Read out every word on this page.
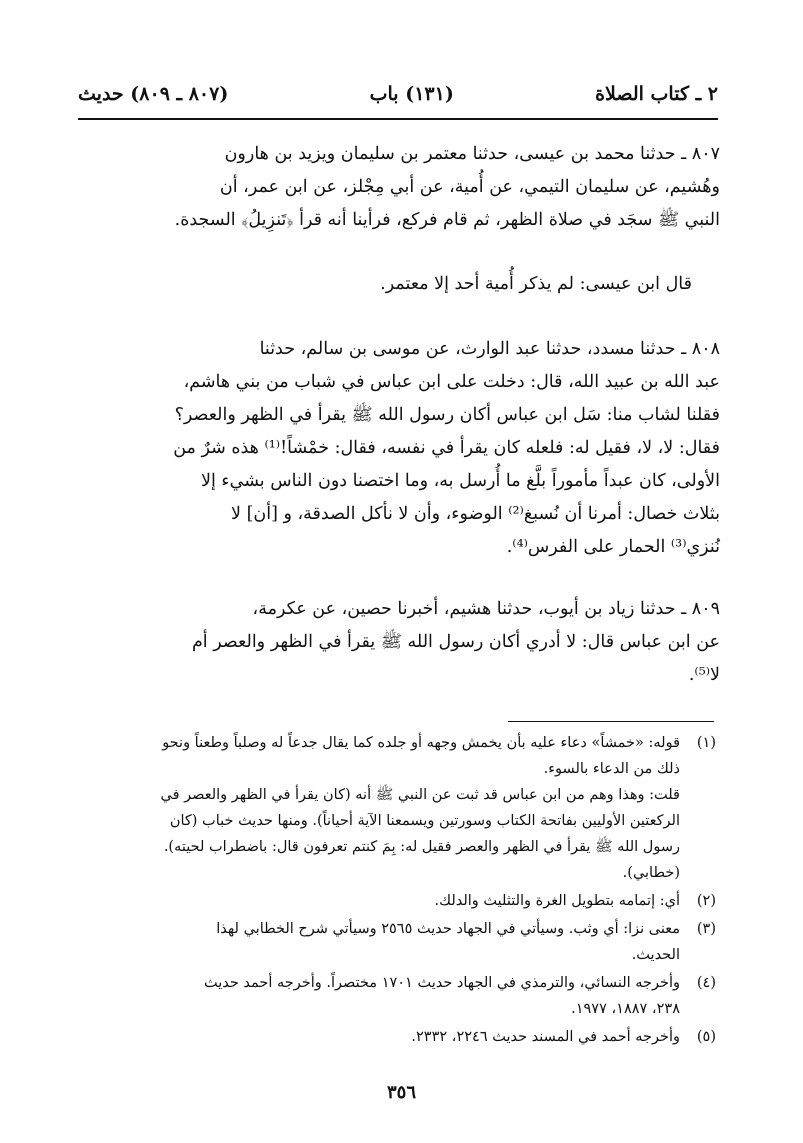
٢ ـ كتاب الصلاة
(١٣١) باب
(٨٠٧ ـ ٨٠٩) حديث
٨٠٧ ـ حدثنا محمد بن عيسى، حدثنا معتمر بن سليمان ويزيد بن هارون
وهُشيم، عن سليمان التيمي، عن أُمية، عن أبي مِجْلز، عن ابن عمر، أن
النبي ﷺ سجَد في صلاة الظهر، ثم قام فركع، فرأينا أنه قرأ ﴿تَنزِيلُ﴾ السجدة.
قال ابن عيسى: لم يذكر أُمية أحد إلا معتمر.
٨٠٨ ـ حدثنا مسدد، حدثنا عبد الوارث، عن موسى بن سالم، حدثنا
عبد الله بن عبيد الله، قال: دخلت على ابن عباس في شباب من بني هاشم،
فقلنا لشاب منا: سَل ابن عباس أكان رسول الله ﷺ يقرأ في الظهر والعصر؟
فقال: لا، لا، فقيل له: فلعله كان يقرأ في نفسه، فقال: خمْشاً!⁽¹⁾ هذه شرٌ من
الأولى، كان عبداً مأموراً بلَّغ ما أُرسل به، وما اختصنا دون الناس بشيء إلا
بثلاث خصال: أمرنا أن نُسبغ⁽²⁾ الوضوء، وأن لا نأكل الصدقة، و [أن] لا
نُنزي⁽³⁾ الحمار على الفرس⁽⁴⁾.
٨٠٩ ـ حدثنا زياد بن أيوب، حدثنا هشيم، أخبرنا حصين، عن عكرمة،
عن ابن عباس قال: لا أدري أكان رسول الله ﷺ يقرأ في الظهر والعصر أم
لا⁽⁵⁾.
(١)
قوله: «خمشاً» دعاء عليه بأن يخمش وجهه أو جلده كما يقال جدعاً له وصلباً وطعناً ونحو
ذلك من الدعاء بالسوء.
قلت: وهذا وهم من ابن عباس قد ثبت عن النبي ﷺ أنه (كان يقرأ في الظهر والعصر في
الركعتين الأوليين بفاتحة الكتاب وسورتين ويسمعنا الآية أحياناً). ومنها حديث خباب (كان
رسول الله ﷺ يقرأ في الظهر والعصر فقيل له: بِمَ كنتم تعرفون قال: باضطراب لحيته).
(خطابي).
(٢)
أي: إتمامه بتطويل الغرة والتثليث والدلك.
(٣)
معنى نزا: أي وثب. وسيأتي في الجهاد حديث ٢٥٦٥ وسيأتي شرح الخطابي لهذا
الحديث.
(٤)
وأخرجه النسائي، والترمذي في الجهاد حديث ١٧٠١ مختصراً. وأخرجه أحمد حديث
٢٣٨، ١٨٨٧، ١٩٧٧.
(٥)
وأخرجه أحمد في المسند حديث ٢٢٤٦، ٢٣٣٢.
٣٥٦
